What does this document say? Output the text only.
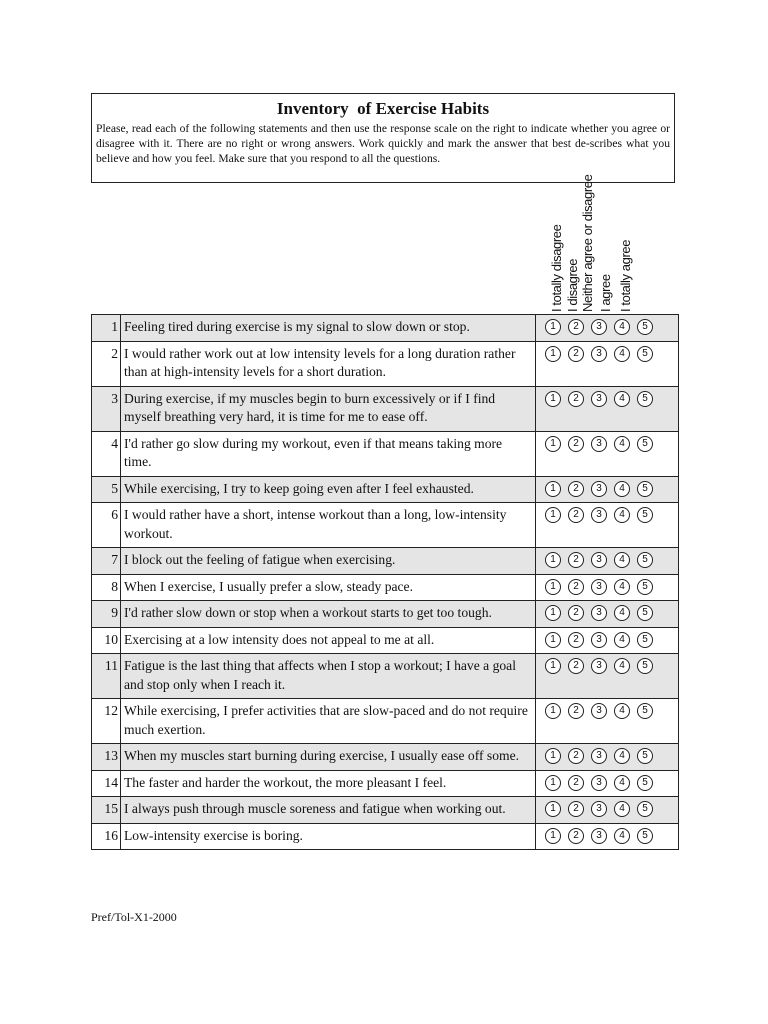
Inventory  of Exercise Habits
Please, read each of the following statements and then use the response scale on the right to indicate whether you agree or disagree with it. There are no right or wrong answers. Work quickly and mark the answer that best de-scribes what you believe and how you feel. Make sure that you respond to all the questions.
I totally disagree I disagree Neither agree or disagree I agree I totally agree
1	Feeling tired during exercise is my signal to slow down or stop.	1 2 3 4 5
2	I would rather work out at low intensity levels for a long duration rather than at high-intensity levels for a short duration.	1 2 3 4 5
3	During exercise, if my muscles begin to burn excessively or if I find myself breathing very hard, it is time for me to ease off.	1 2 3 4 5
4	I'd rather go slow during my workout, even if that means taking more time.	1 2 3 4 5
5	While exercising, I try to keep going even after I feel exhausted.	1 2 3 4 5
6	I would rather have a short, intense workout than a long, low-intensity workout.	1 2 3 4 5
7	I block out the feeling of fatigue when exercising.	1 2 3 4 5
8	When I exercise, I usually prefer a slow, steady pace.	1 2 3 4 5
9	I'd rather slow down or stop when a workout starts to get too tough.	1 2 3 4 5
10	Exercising at a low intensity does not appeal to me at all.	1 2 3 4 5
11	Fatigue is the last thing that affects when I stop a workout; I have a goal and stop only when I reach it.	1 2 3 4 5
12	While exercising, I prefer activities that are slow-paced and do not require much exertion.	1 2 3 4 5
13	When my muscles start burning during exercise, I usually ease off some.	1 2 3 4 5
14	The faster and harder the workout, the more pleasant I feel.	1 2 3 4 5
15	I always push through muscle soreness and fatigue when working out.	1 2 3 4 5
16	Low-intensity exercise is boring.	1 2 3 4 5
Pref/Tol-X1-2000
